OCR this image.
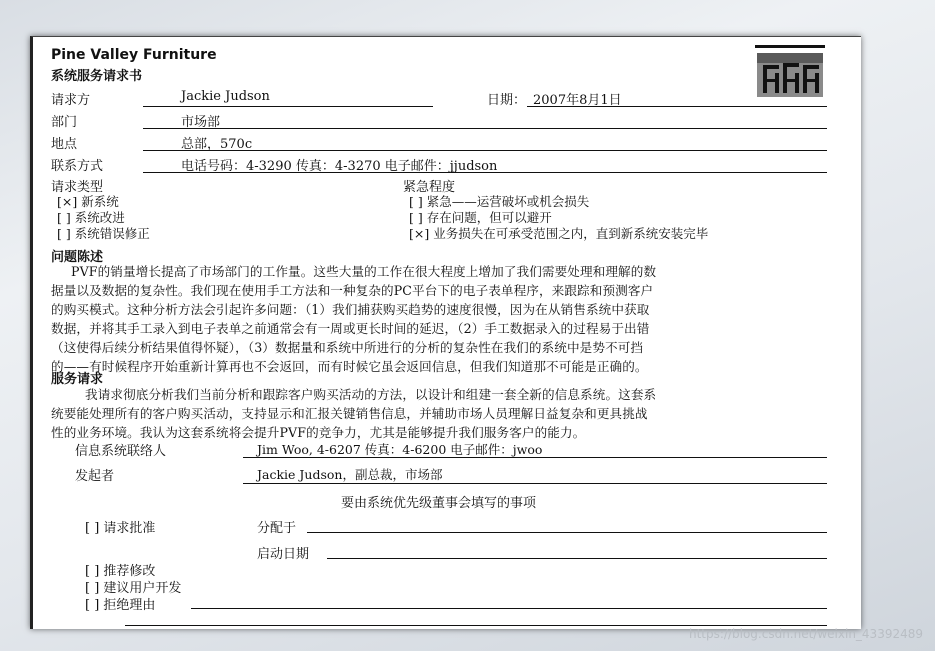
Pine Valley Furniture
系统服务请求书
请求方	Jackie Judson	日期： 2007年8月1日
部门	市场部
地点	总部，570c
联系方式	电话号码：4-3290 传真：4-3270 电子邮件：jjudson
请求类型
[×] 新系统
[ ] 系统改进
[ ] 系统错误修正
紧急程度
[ ] 紧急——运营破坏或机会损失
[ ] 存在问题，但可以避开
[×] 业务损失在可承受范围之内，直到新系统安装完毕
问题陈述
PVF的销量增长提高了市场部门的工作量。这些大量的工作在很大程度上增加了我们需要处理和理解的数
据量以及数据的复杂性。我们现在使用手工方法和一种复杂的PC平台下的电子表单程序，来跟踪和预测客户
的购买模式。这种分析方法会引起许多问题：（1）我们捕获购买趋势的速度很慢，因为在从销售系统中获取
数据，并将其手工录入到电子表单之前通常会有一周或更长时间的延迟，（2）手工数据录入的过程易于出错
（这使得后续分析结果值得怀疑），（3）数据量和系统中所进行的分析的复杂性在我们的系统中是势不可挡
的——有时候程序开始重新计算再也不会返回，而有时候它虽会返回信息，但我们知道那不可能是正确的。
服务请求
我请求彻底分析我们当前分析和跟踪客户购买活动的方法，以设计和组建一套全新的信息系统。这套系
统要能处理所有的客户购买活动，支持显示和汇报关键销售信息，并辅助市场人员理解日益复杂和更具挑战
性的业务环境。我认为这套系统将会提升PVF的竞争力，尤其是能够提升我们服务客户的能力。
信息系统联络人	Jim Woo, 4-6207 传真：4-6200 电子邮件：jwoo
发起者	Jackie Judson，副总裁，市场部
要由系统优先级董事会填写的事项
[ ] 请求批准	分配于
启动日期
[ ] 推荐修改
[ ] 建议用户开发
[ ] 拒绝理由
https://blog.csdn.net/weixin_43392489
